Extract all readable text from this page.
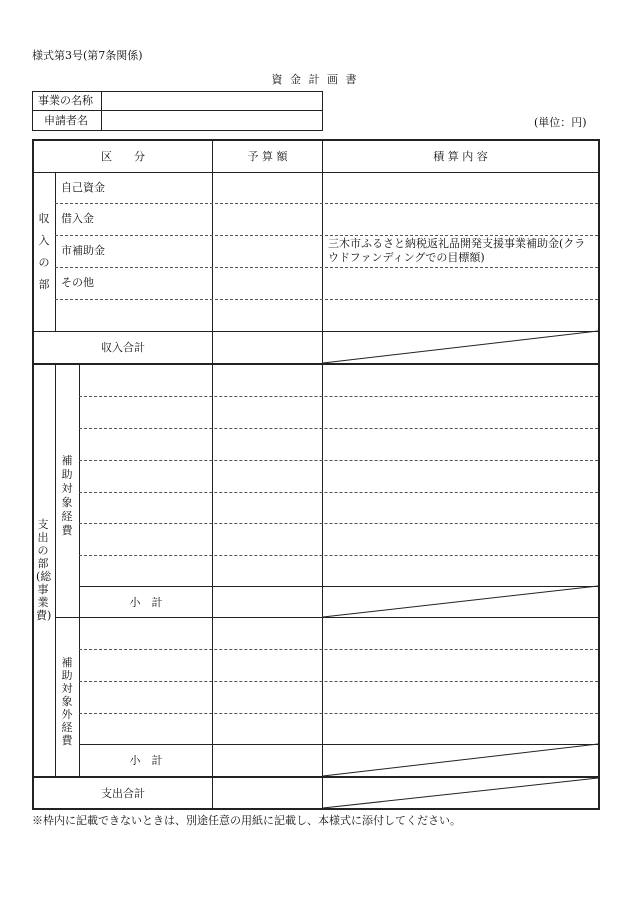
様式第3号(第7条関係)
資 金 計 画 書
(単位：円)
事業の名称
申請者名
区　　分	予 算 額	積 算 内 容
収入の部
自己資金
借入金
市補助金
その他
三木市ふるさと納税返礼品開発支援事業補助金(クラウドファンディングでの目標額)
収入合計
支出の部(総事業費)
補助対象経費
補助対象外経費
小　計
小　計
支出合計
※枠内に記載できないときは、別途任意の用紙に記載し、本様式に添付してください。
